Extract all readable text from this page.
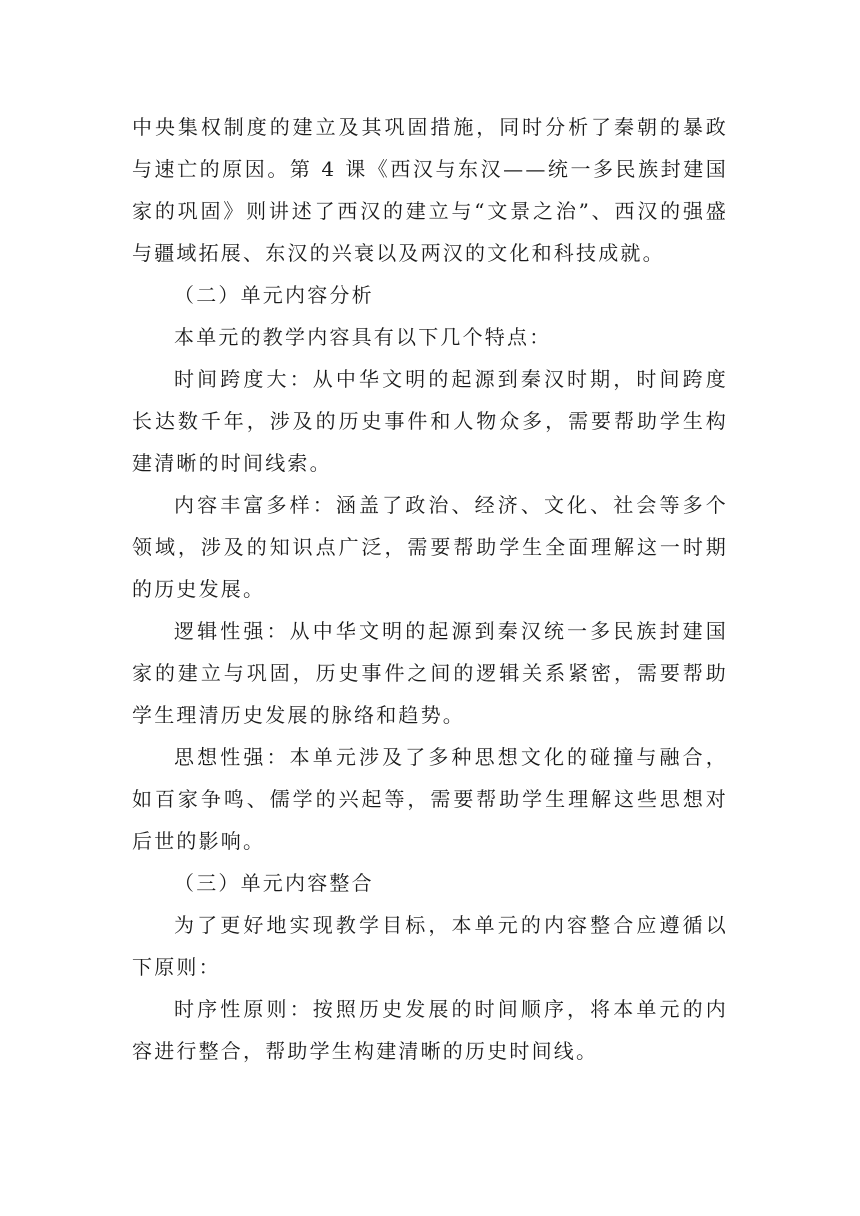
中央集权制度的建立及其巩固措施，同时分析了秦朝的暴政与速亡的原因。第 4 课《西汉与东汉——统一多民族封建国家的巩固》则讲述了西汉的建立与“文景之治”、西汉的强盛与疆域拓展、东汉的兴衰以及两汉的文化和科技成就。

（二）单元内容分析

本单元的教学内容具有以下几个特点：

时间跨度大：从中华文明的起源到秦汉时期，时间跨度长达数千年，涉及的历史事件和人物众多，需要帮助学生构建清晰的时间线索。

内容丰富多样：涵盖了政治、经济、文化、社会等多个领域，涉及的知识点广泛，需要帮助学生全面理解这一时期的历史发展。

逻辑性强：从中华文明的起源到秦汉统一多民族封建国家的建立与巩固，历史事件之间的逻辑关系紧密，需要帮助学生理清历史发展的脉络和趋势。

思想性强：本单元涉及了多种思想文化的碰撞与融合，如百家争鸣、儒学的兴起等，需要帮助学生理解这些思想对后世的影响。

（三）单元内容整合

为了更好地实现教学目标，本单元的内容整合应遵循以下原则：

时序性原则：按照历史发展的时间顺序，将本单元的内容进行整合，帮助学生构建清晰的历史时间线。
